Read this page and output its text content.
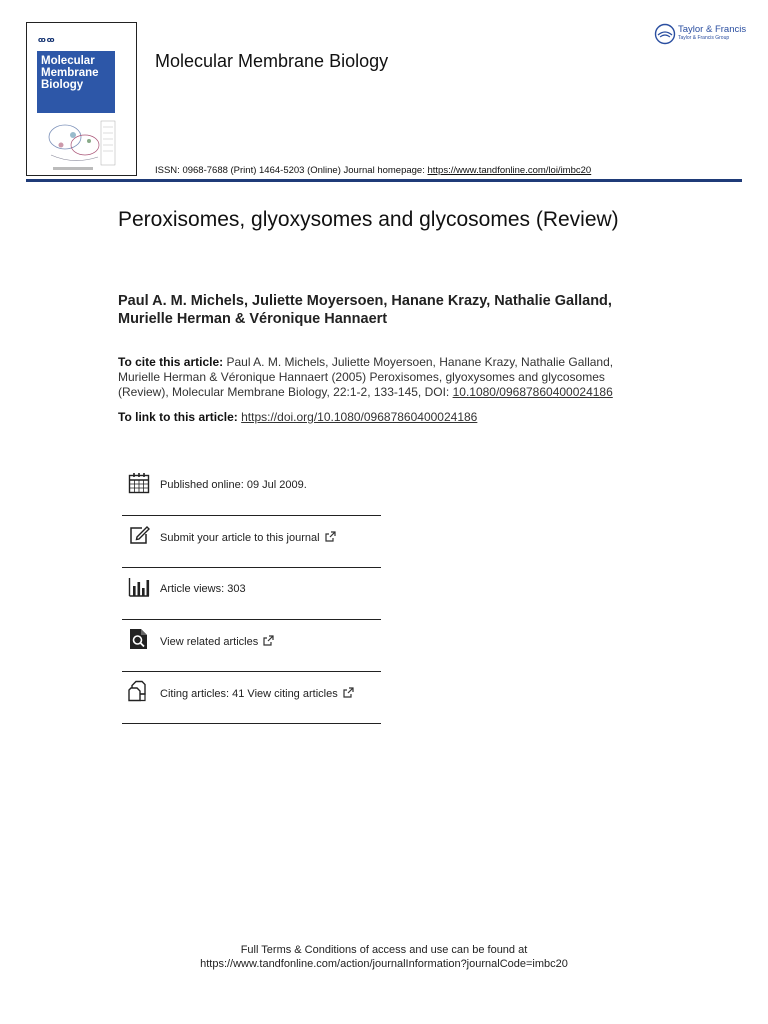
ꝏꝏ
Molecular
Membrane
Biology
Molecular Membrane Biology
Taylor & Francis
Taylor & Francis Group
ISSN: 0968-7688 (Print) 1464-5203 (Online) Journal homepage: https://www.tandfonline.com/loi/imbc20
Peroxisomes, glyoxysomes and glycosomes (Review)
Paul A. M. Michels, Juliette Moyersoen, Hanane Krazy, Nathalie Galland, Murielle Herman & Véronique Hannaert
To cite this article: Paul A. M. Michels, Juliette Moyersoen, Hanane Krazy, Nathalie Galland, Murielle Herman & Véronique Hannaert (2005) Peroxisomes, glyoxysomes and glycosomes (Review), Molecular Membrane Biology, 22:1-2, 133-145, DOI: 10.1080/09687860400024186
To link to this article: https://doi.org/10.1080/09687860400024186
Published online: 09 Jul 2009.
Submit your article to this journal
Article views: 303
View related articles
Citing articles: 41 View citing articles
Full Terms & Conditions of access and use can be found at
https://www.tandfonline.com/action/journalInformation?journalCode=imbc20
